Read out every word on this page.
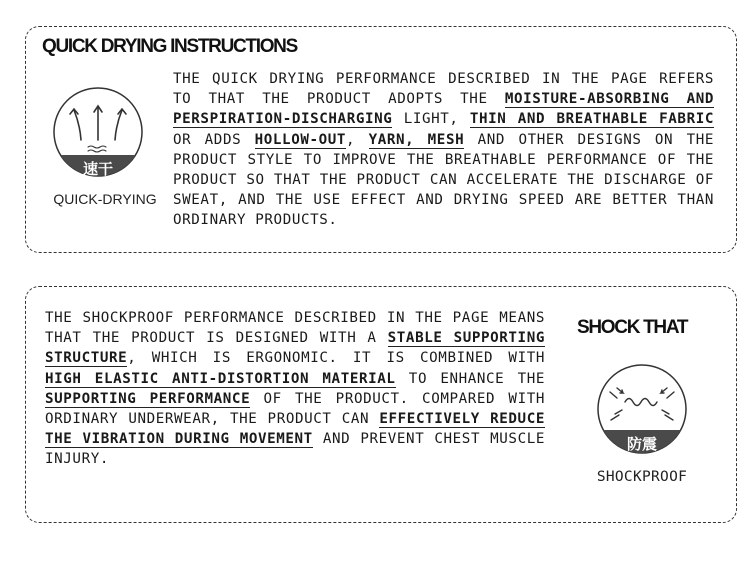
QUICK DRYING INSTRUCTIONS
速干
QUICK-DRYING
THE QUICK DRYING PERFORMANCE DESCRIBED IN THE PAGE REFERS TO THAT THE PRODUCT ADOPTS THE MOISTURE-ABSORBING AND PERSPIRATION-DISCHARGING LIGHT, THIN AND BREATHABLE FABRIC OR ADDS HOLLOW-OUT, YARN, MESH AND OTHER DESIGNS ON THE PRODUCT STYLE TO IMPROVE THE BREATHABLE PERFORMANCE OF THE PRODUCT SO THAT THE PRODUCT CAN ACCELERATE THE DISCHARGE OF SWEAT, AND THE USE EFFECT AND DRYING SPEED ARE BETTER THAN ORDINARY PRODUCTS.
THE SHOCKPROOF PERFORMANCE DESCRIBED IN THE PAGE MEANS THAT THE PRODUCT IS DESIGNED WITH A STABLE SUPPORTING STRUCTURE, WHICH IS ERGONOMIC. IT IS COMBINED WITH HIGH ELASTIC ANTI-DISTORTION MATERIAL TO ENHANCE THE SUPPORTING PERFORMANCE OF THE PRODUCT. COMPARED WITH ORDINARY UNDERWEAR, THE PRODUCT CAN EFFECTIVELY REDUCE THE VIBRATION DURING MOVEMENT AND PREVENT CHEST MUSCLE INJURY.
SHOCK THAT
防震
SHOCKPROOF
